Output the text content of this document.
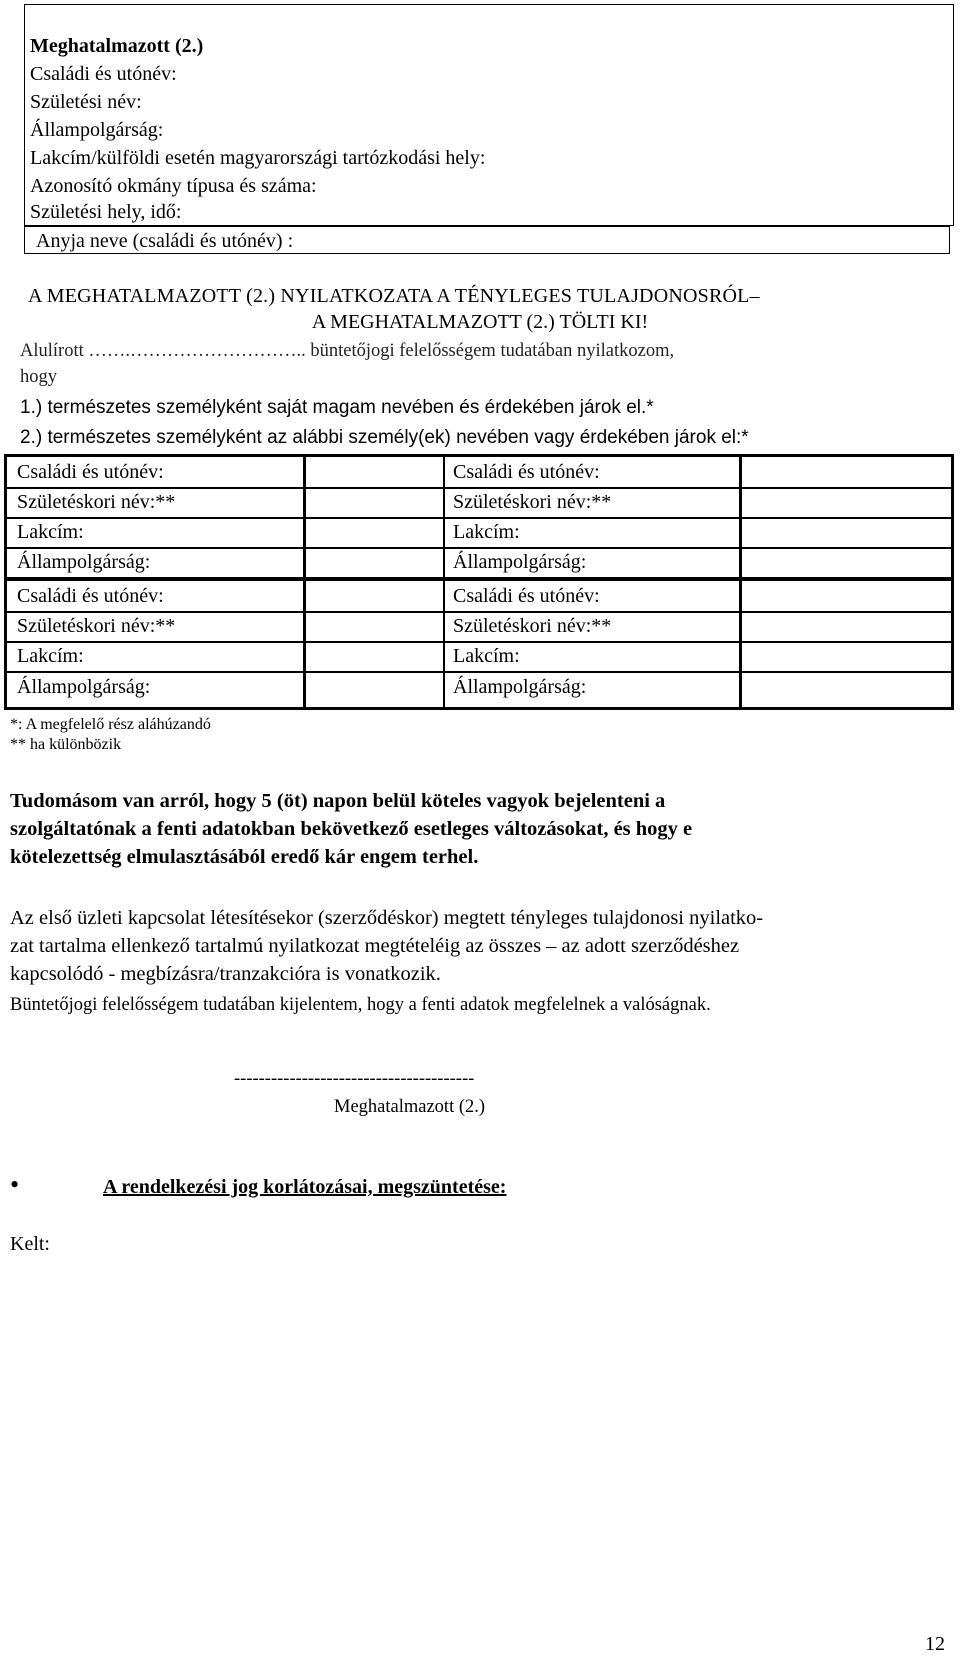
Meghatalmazott (2.)
Családi és utónév:
Születési név:
Állampolgárság:
Lakcím/külföldi esetén magyarországi tartózkodási hely:
Azonosító okmány típusa és száma:
Születési hely, idő:
Anyja neve (családi és utónév) :
A MEGHATALMAZOTT (2.) NYILATKOZATA A TÉNYLEGES TULAJDONOSRÓL–
A MEGHATALMAZOTT (2.) TÖLTI KI!
Alulírott …….……………………….. büntetőjogi felelősségem tudatában nyilatkozom,
hogy
1.) természetes személyként saját magam nevében és érdekében járok el.*
2.) természetes személyként az alábbi személy(ek) nevében vagy érdekében járok el:*
Családi és utónév:
Születéskori név:**
Lakcím:
Állampolgárság:
Családi és utónév:
Születéskori név:**
Lakcím:
Állampolgárság:
Családi és utónév:
Születéskori név:**
Lakcím:
Állampolgárság:
Családi és utónév:
Születéskori név:**
Lakcím:
Állampolgárság:
*: A megfelelő rész aláhúzandó
** ha különbözik
Tudomásom van arról, hogy 5 (öt) napon belül köteles vagyok bejelenteni a
szolgáltatónak a fenti adatokban bekövetkező esetleges változásokat, és hogy e
kötelezettség elmulasztásából eredő kár engem terhel.
Az első üzleti kapcsolat létesítésekor (szerződéskor) megtett tényleges tulajdonosi nyilatko-
zat tartalma ellenkező tartalmú nyilatkozat megtételéig az összes – az adott szerződéshez
kapcsolódó - megbízásra/tranzakcióra is vonatkozik.
Büntetőjogi felelősségem tudatában kijelentem, hogy a fenti adatok megfelelnek a valóságnak.
---------------------------------------
Meghatalmazott (2.)
•	A rendelkezési jog korlátozásai, megszüntetése:
Kelt:
12
